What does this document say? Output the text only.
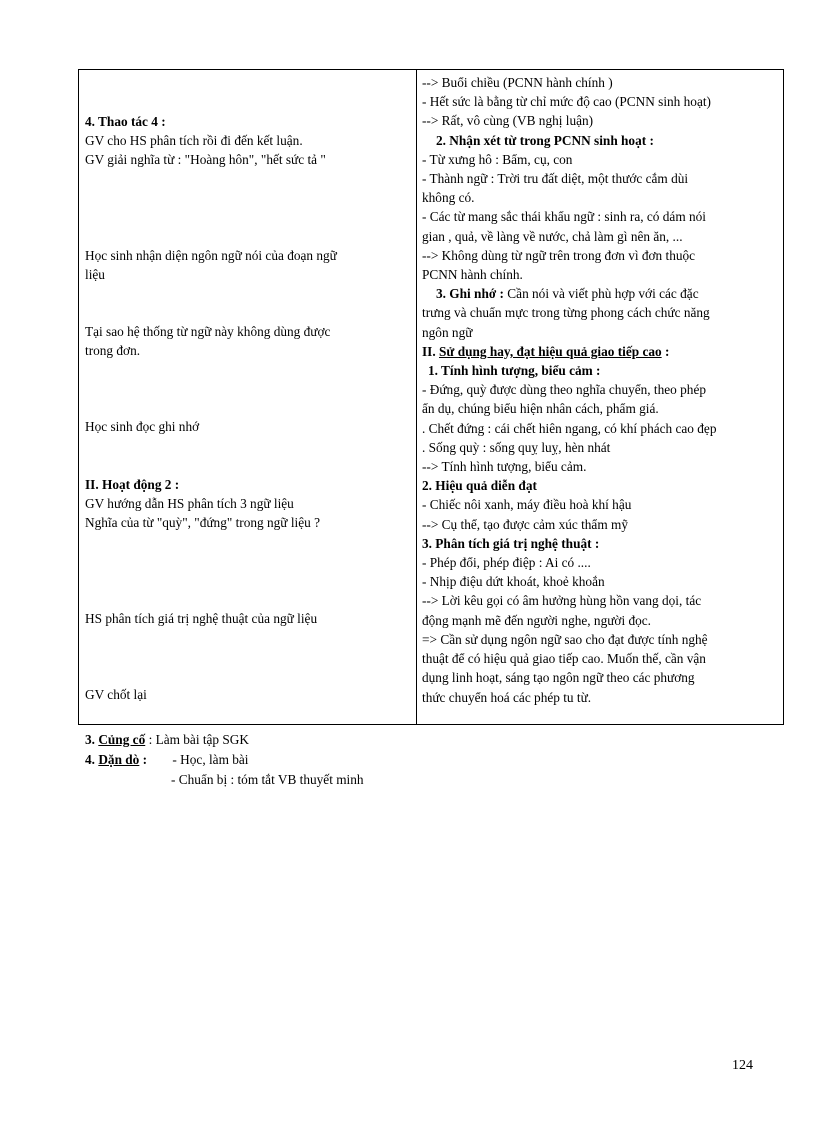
4. Thao tác 4 :
GV cho HS phân tích rồi đi đến kết luận.
GV giải nghĩa từ : "Hoàng hôn", "hết sức tả "
Học sinh nhận diện ngôn ngữ nói của đoạn ngữ
liệu
Tại sao hệ thống từ ngữ này không dùng được
trong đơn.
Học sinh đọc ghi nhớ
II. Hoạt động 2 :
GV hướng dẫn HS phân tích 3 ngữ liệu
Nghĩa của từ "quỳ", "đứng" trong ngữ liệu ?
HS phân tích giá trị nghệ thuật của ngữ liệu
GV chốt lại

--> Buổi chiều (PCNN hành chính )
- Hết sức là bằng từ chỉ mức độ cao (PCNN sinh hoạt)
--> Rất, vô cùng (VB nghị luận)
2. Nhận xét từ trong PCNN sinh hoạt :
- Từ xưng hô : Bẩm, cụ, con
- Thành ngữ : Trời tru đất diệt, một thước cắm dùi
không có.
- Các từ mang sắc thái khẩu ngữ : sinh ra, có dám nói
gian , quả, về làng về nước, chả làm gì nên ăn, ...
--> Không dùng từ ngữ trên trong đơn vì đơn thuộc
PCNN hành chính.
3. Ghi nhớ : Cần nói và viết phù hợp với các đặc
trưng và chuẩn mực trong từng phong cách chức năng
ngôn ngữ
II. Sử dụng hay, đạt hiệu quả giao tiếp cao :
1. Tính hình tượng, biểu cảm :
- Đứng, quỳ được dùng theo nghĩa chuyển, theo phép
ẩn dụ, chúng biểu hiện nhân cách, phẩm giá.
. Chết đứng : cái chết hiên ngang, có khí phách cao đẹp
. Sống quỳ : sống quỵ luỵ, hèn nhát
--> Tính hình tượng, biểu cảm.
2. Hiệu quả diễn đạt
- Chiếc nôi xanh, máy điều hoà khí hậu
--> Cụ thể, tạo được cảm xúc thẩm mỹ
3. Phân tích giá trị nghệ thuật :
- Phép đổi, phép điệp : Ai có ....
- Nhịp điệu dứt khoát, khoẻ khoắn
--> Lời kêu gọi có âm hưởng hùng hồn vang dọi, tác
động mạnh mẽ đến người nghe, người đọc.
=> Cần sử dụng ngôn ngữ sao cho đạt được tính nghệ
thuật để có hiệu quả giao tiếp cao. Muốn thế, cần vận
dụng linh hoạt, sáng tạo ngôn ngữ theo các phương
thức chuyển hoá các phép tu từ.
3. Củng cố : Làm bài tập SGK
4. Dặn dò : - Học, làm bài
- Chuẩn bị : tóm tắt VB thuyết minh
124
